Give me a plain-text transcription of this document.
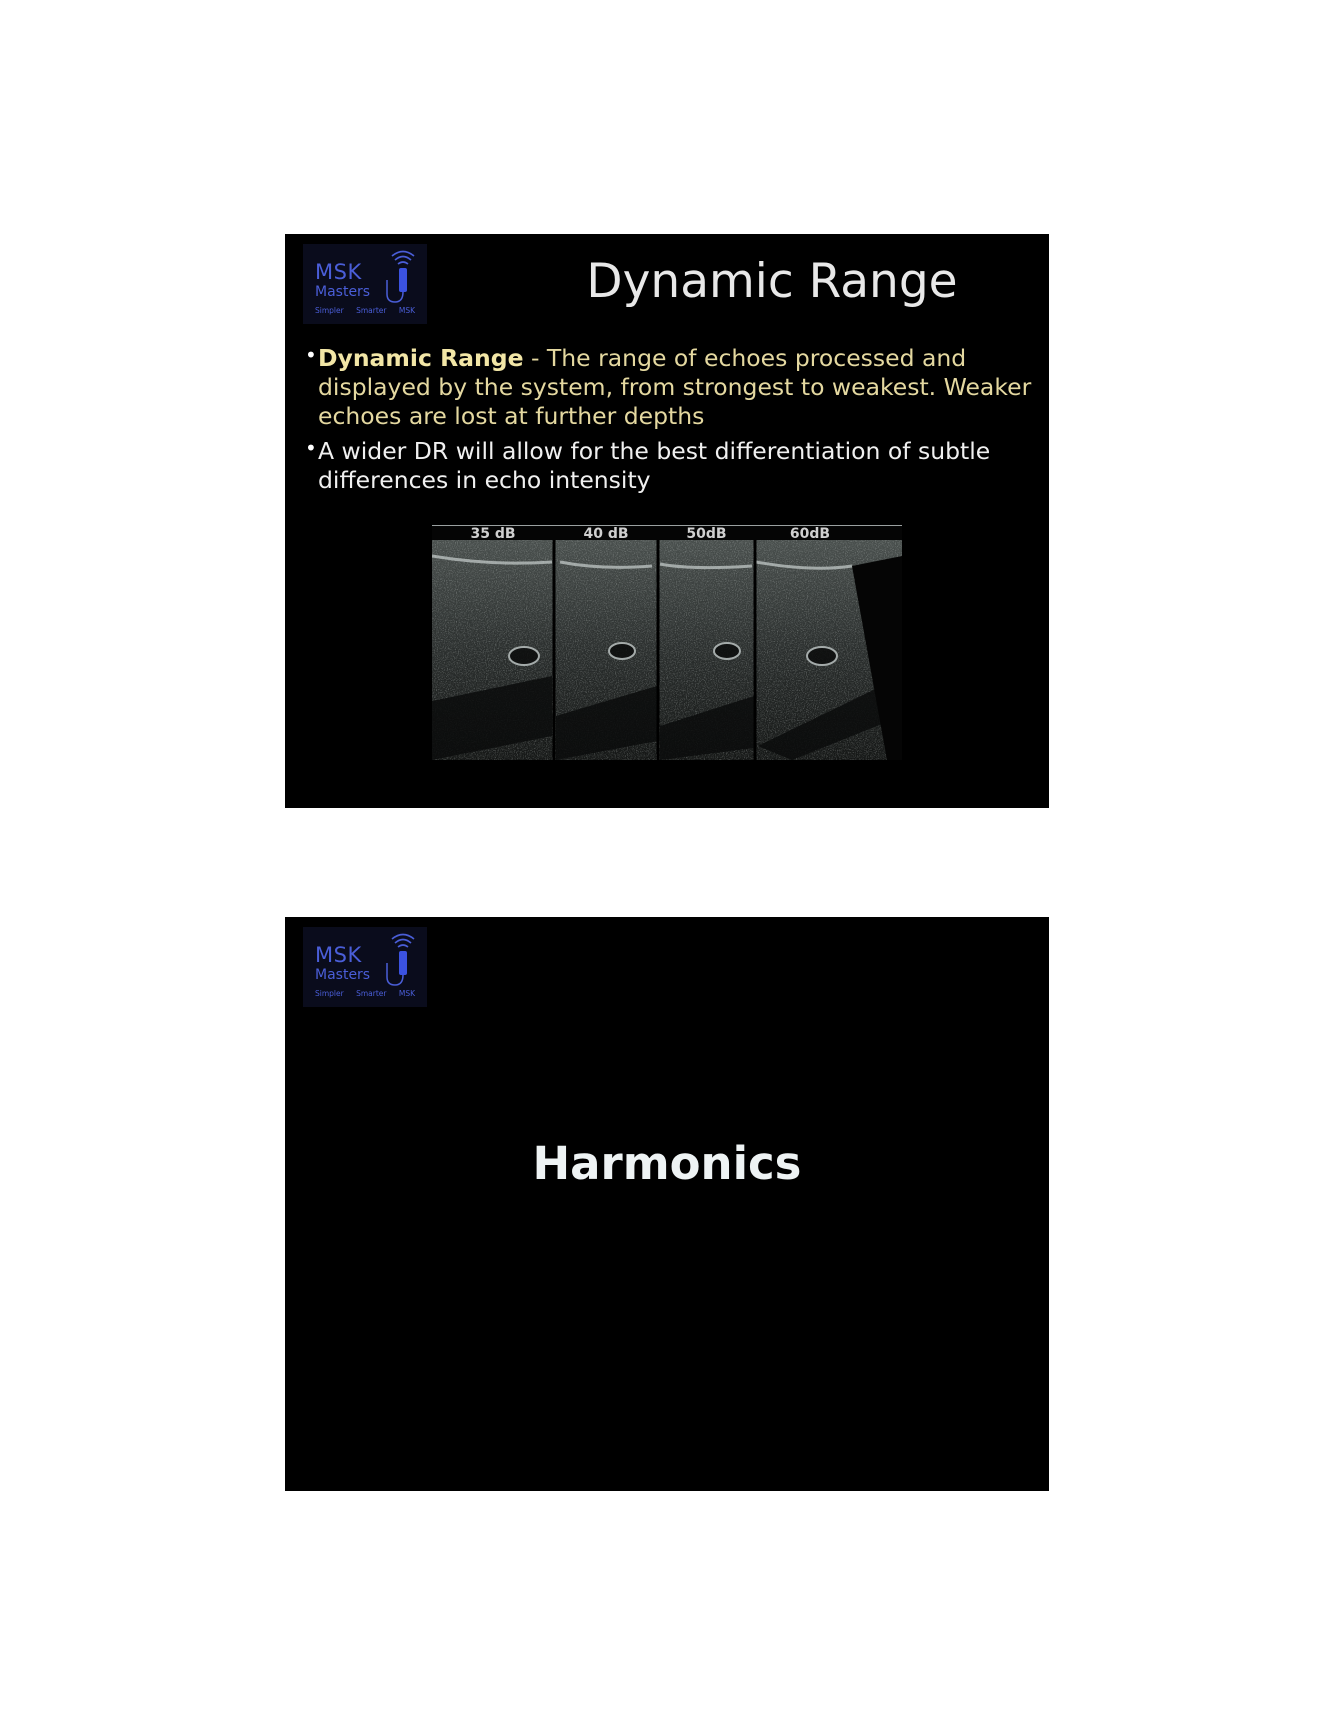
MSK
Masters
Simpler Smarter MSK
Dynamic Range
• Dynamic Range - The range of echoes processed and displayed by the system, from strongest to weakest. Weaker echoes are lost at further depths
• A wider DR will allow for the best differentiation of subtle differences in echo intensity
35 dB	40 dB	50dB	60dB
MSK
Masters
Simpler Smarter MSK
Harmonics
